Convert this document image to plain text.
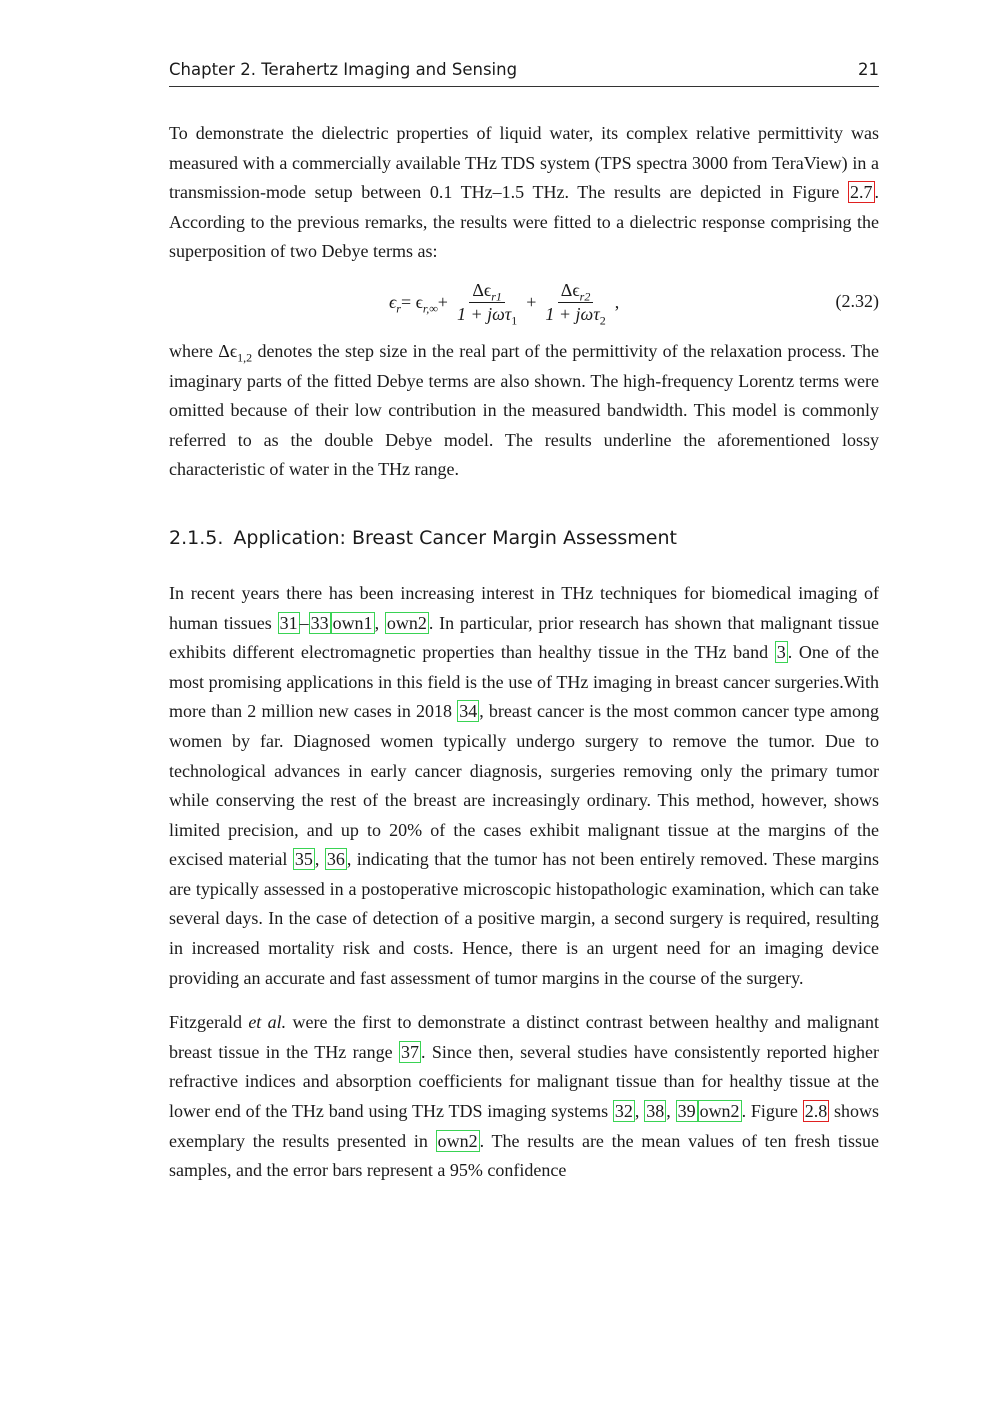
Chapter 2. Terahertz Imaging and Sensing	21

To demonstrate the dielectric properties of liquid water, its complex relative permittivity was measured with a commercially available THz TDS system (TPS spectra 3000 from TeraView) in a transmission-mode setup between 0.1 THz–1.5 THz. The results are depicted in Figure 2.7 . According to the previous remarks, the results were fitted to a dielectric response comprising the superposition of two Debye terms as:

$\epsilon_r = \epsilon_{r,\infty} + \frac{\Delta\epsilon_{r1}}{1 + j\omega\tau_1} + \frac{\Delta\epsilon_{r2}}{1 + j\omega\tau_2}$ ,	(2.32)

where $\Delta\epsilon_{1,2}$ denotes the step size in the real part of the permittivity of the relaxation process. The imaginary parts of the fitted Debye terms are also shown. The high-frequency Lorentz terms were omitted because of their low contribution in the measured bandwidth. This model is commonly referred to as the double Debye model. The results underline the aforementioned lossy characteristic of water in the THz range.

2.1.5. Application: Breast Cancer Margin Assessment

In recent years there has been increasing interest in THz techniques for biomedical imaging of human tissues 31 – 33 own1 , own2 . In particular, prior research has shown that malignant tissue exhibits different electromagnetic properties than healthy tissue in the THz band 3 . One of the most promising applications in this field is the use of THz imaging in breast cancer surgeries.With more than 2 million new cases in 2018 34 , breast cancer is the most common cancer type among women by far. Diagnosed women typically undergo surgery to remove the tumor. Due to technological advances in early cancer diagnosis, surgeries removing only the primary tumor while conserving the rest of the breast are increasingly ordinary. This method, however, shows limited precision, and up to 20% of the cases exhibit malignant tissue at the margins of the excised material 35 , 36 , indicating that the tumor has not been entirely removed. These margins are typically assessed in a postoperative microscopic histopathologic examination, which can take several days. In the case of detection of a positive margin, a second surgery is required, resulting in increased mortality risk and costs. Hence, there is an urgent need for an imaging device providing an accurate and fast assessment of tumor margins in the course of the surgery.

Fitzgerald et al. were the first to demonstrate a distinct contrast between healthy and malignant breast tissue in the THz range 37 . Since then, several studies have consistently reported higher refractive indices and absorption coefficients for malignant tissue than for healthy tissue at the lower end of the THz band using THz TDS imaging systems 32 , 38 , 39 own2 . Figure 2.8 shows exemplary the results presented in own2 . The results are the mean values of ten fresh tissue samples, and the error bars represent a 95% confidence
